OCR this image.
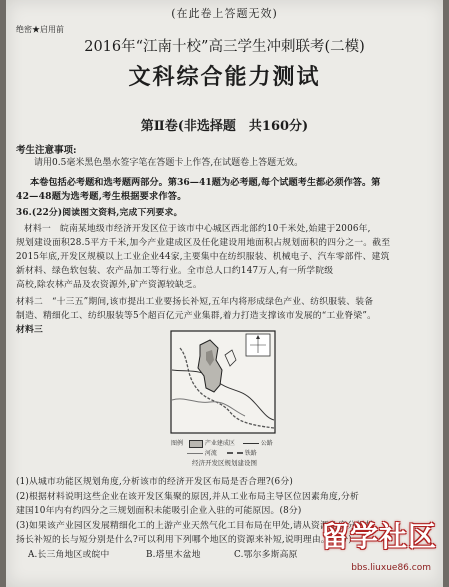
(在此卷上答题无效)
绝密★启用前
2016年“江南十校”高三学生冲刺联考(二模)
文科综合能力测试
第Ⅱ卷(非选择题　共160分)
考生注意事项:
请用0.5毫米黑色墨水签字笔在答题卡上作答,在试题卷上答题无效。
本卷包括必考题和选考题两部分。第36—41题为必考题,每个试题考生都必须作答。第
42—48题为选考题,考生根据要求作答。
36.(22分)阅读图文资料,完成下列要求。
材料一　皖南某地级市经济开发区位于该市中心城区西北部约10千米处,始建于2006年,
规划建设面积28.5平方千米,加今产业建成区及任化建设用地面积占规划面积的四分之一。截至
2015年底,开发区规模以上工业企业44家,主要集中在纺织服装、机械电子、汽车零部件、建筑
新材料、绿色软包装、农产品加工等行业。全市总人口约147万人,有一所学院级
高校,除农林产品及农资源外,矿产资源较缺乏。
材料二　“十三五”期间,该市提出工业要扬长补短,五年内将形成绿色产业、纺织服装、装备
制造、精细化工、纺织服装等5个超百亿元产业集群,着力打造支撑该市发展的“工业脊梁”。
材料三
图例	产业建成区	公路
河流	铁路
经济开发区规划建设图
(1)从城市功能区规划角度,分析该市的经济开发区布局是否合理?(6分)
(2)根据材料说明这些企业在该开发区集聚的原因,并从工业布局主导区位因素角度,分析
建国10年内有约四分之三规划面积未能吸引企业入驻的可能原因。(8分)
(3)如果该产业园区发展精细化工的上游产业天然气化工目布局在甲处,请从资源角度分析其
扬长补短的长与短分别是什么?可以利用下列哪个地区的资源来补短,说明理由。(8分)
A.长三角地区或皖中	B.塔里木盆地	C.鄂尔多斯高原
留学社区
bbs.liuxue86.com
